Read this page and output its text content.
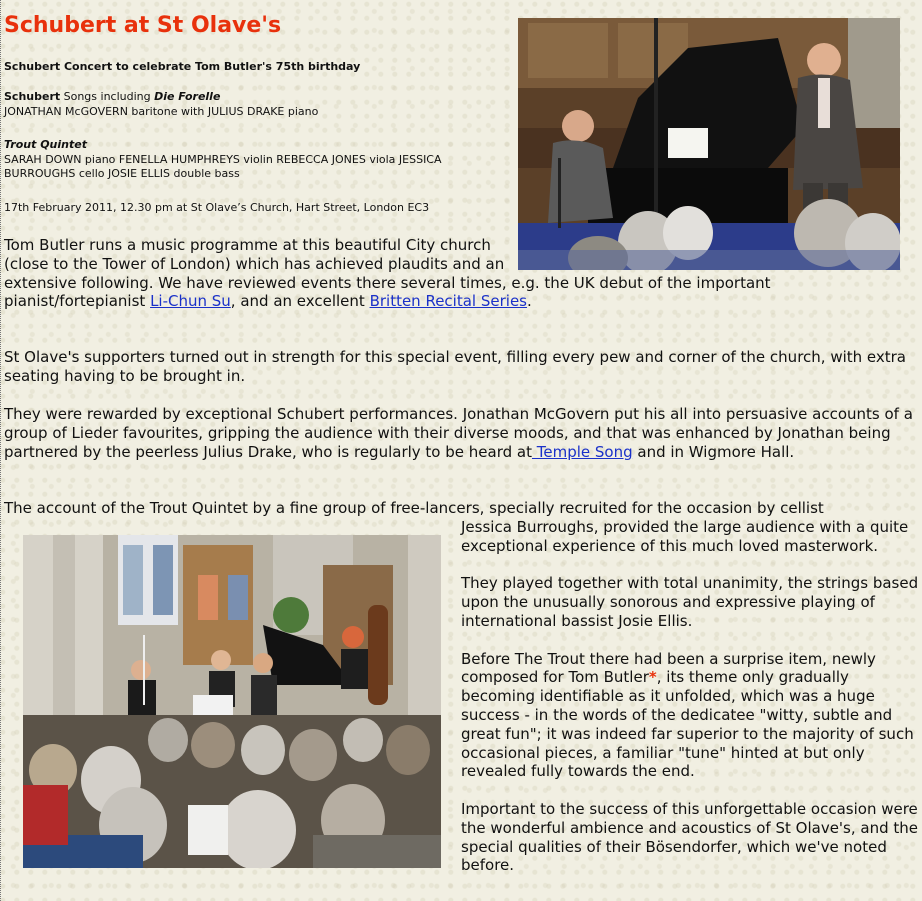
Schubert at St Olave's
Schubert Concert to celebrate Tom Butler's 75th birthday
Schubert Songs including Die Forelle
JONATHAN McGOVERN baritone with JULIUS DRAKE piano
Trout Quintet
SARAH DOWN piano FENELLA HUMPHREYS violin REBECCA JONES viola JESSICA BURROUGHS cello JOSIE ELLIS double bass
17th February 2011, 12.30 pm at St Olave’s Church, Hart Street, London EC3
Tom Butler runs a music programme at this beautiful City church (close to the Tower of London) which has achieved plaudits and an extensive following. We have reviewed events there several times, e.g. the UK debut of the important pianist/fortepianist Li-Chun Su, and an excellent Britten Recital Series.
St Olave's supporters turned out in strength for this special event, filling every pew and corner of the church, with extra seating having to be brought in.
They were rewarded by exceptional Schubert performances. Jonathan McGovern put his all into persuasive accounts of a group of Lieder favourites, gripping the audience with their diverse moods, and that was enhanced by Jonathan being partnered by the peerless Julius Drake, who is regularly to be heard at Temple Song and in Wigmore Hall.
The account of the Trout Quintet by a fine group of free-lancers, specially recruited for the occasion by cellist

Jessica Burroughs, provided the large audience with a quite exceptional experience of this much loved masterwork.

They played together with total unanimity, the strings based upon the unusually sonorous and expressive playing of international bassist Josie Ellis.

Before The Trout there had been a surprise item, newly composed for Tom Butler*, its theme only gradually becoming identifiable as it unfolded, which was a huge success - in the words of the dedicatee "witty, subtle and great fun"; it was indeed far superior to the majority of such occasional pieces, a familiar "tune" hinted at but only revealed fully towards the end.

Important to the success of this unforgettable occasion were the wonderful ambience and acoustics of St Olave's, and the special qualities of their Bösendorfer, which we've noted before.
